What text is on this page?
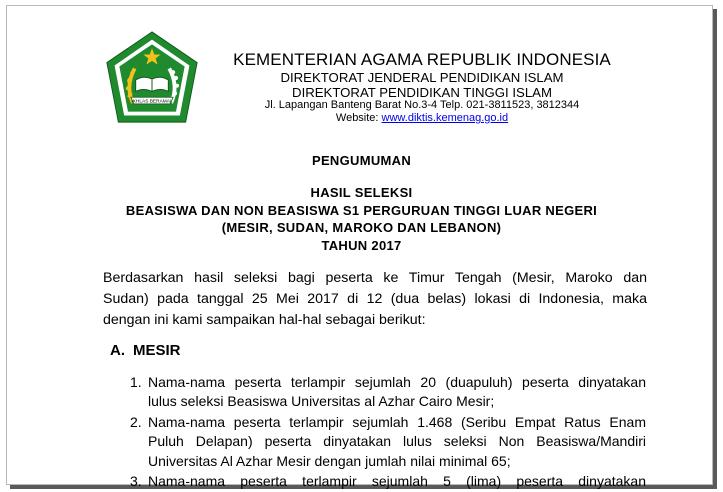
IKHLAS BERAMAL
KEMENTERIAN AGAMA REPUBLIK INDONESIA
DIREKTORAT JENDERAL PENDIDIKAN ISLAM
DIREKTORAT PENDIDIKAN TINGGI ISLAM
Jl. Lapangan Banteng Barat No.3-4 Telp. 021-3811523, 3812344
Website: www.diktis.kemenag.go.id
PENGUMUMAN
HASIL SELEKSI
BEASISWA DAN NON BEASISWA S1 PERGURUAN TINGGI LUAR NEGERI
(MESIR, SUDAN, MAROKO DAN LEBANON)
TAHUN 2017
Berdasarkan hasil seleksi bagi peserta ke Timur Tengah (Mesir, Maroko dan
Sudan) pada tanggal 25 Mei 2017 di 12 (dua belas) lokasi di Indonesia, maka
dengan ini kami sampaikan hal-hal sebagai berikut:
A. MESIR
1. Nama-nama peserta terlampir sejumlah 20 (duapuluh) peserta dinyatakan
lulus seleksi Beasiswa Universitas al Azhar Cairo Mesir;
2. Nama-nama peserta terlampir sejumlah 1.468 (Seribu Empat Ratus Enam
Puluh Delapan) peserta dinyatakan lulus seleksi Non Beasiswa/Mandiri
Universitas Al Azhar Mesir dengan jumlah nilai minimal 65;
3. Nama-nama peserta terlampir sejumlah 5 (lima) peserta dinyatakan
